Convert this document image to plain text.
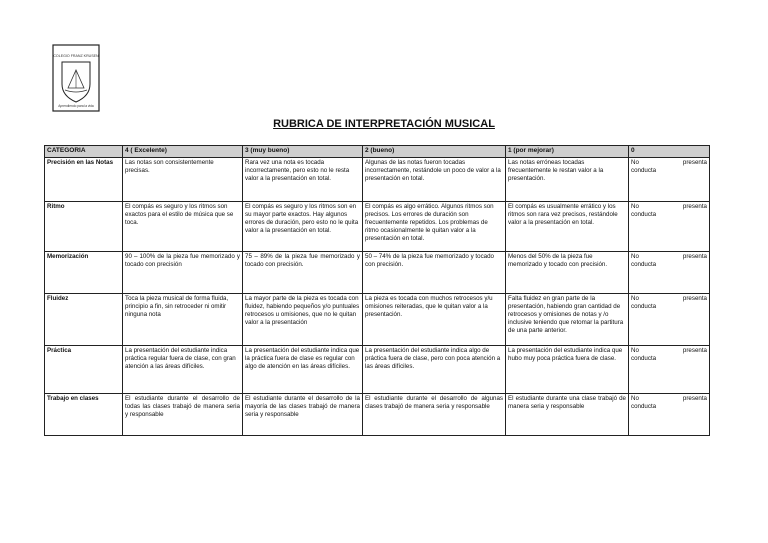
COLEGIO FRANZ KRUSEN
Aprendiendo para la vida
RUBRICA DE INTERPRETACIÓN MUSICAL
CATEGORIA	4 ( Excelente)	3 (muy bueno)	2 (bueno)	1 (por mejorar)	0
Precisión en las Notas	Las notas son consistentemente precisas.	Rara vez una nota es tocada incorrectamente, pero esto no le resta valor a la presentación en total.	Algunas de las notas fueron tocadas incorrectamente, restándole un poco de valor a la presentación en total.	Las notas erróneas tocadas frecuentemente le restan valor a la presentación.	No presenta
conducta

Ritmo	El compás es seguro y los ritmos son exactos para el estilo de música que se toca.	El compás es seguro y los ritmos son en su mayor parte exactos. Hay algunos errores de duración, pero esto no le quita valor a la presentación en total.	El compás es algo errático. Algunos ritmos son precisos. Los errores de duración son frecuentemente repetidos. Los problemas de ritmo ocasionalmente le quitan valor a la presentación en total.	El compás es usualmente errático y los ritmos son rara vez precisos, restándole valor a la presentación en total.	No presenta
conducta

Memorización	90 – 100% de la pieza fue memorizado y tocado con precisión	75 – 89% de la pieza fue memorizado y tocado con precisión.	50 – 74% de la pieza fue memorizado y tocado con precisión.	Menos del 50% de la pieza fue memorizado y tocado con precisión.	No presenta
conducta

Fluidez	Toca la pieza musical de forma fluida, principio a fin, sin retroceder ni omitir ninguna nota	La mayor parte de la pieza es tocada con fluidez, habiendo pequeños y/o puntuales retrocesos u omisiones, que no le quitan valor a la presentación	La pieza es tocada con muchos retrocesos y/u omisiones reiteradas, que le quitan valor a la presentación.	Falta fluidez en gran parte de la presentación, habiendo gran cantidad de retrocesos y omisiones de notas y /o inclusive teniendo que retomar la partitura de una parte anterior.	No presenta
conducta

Práctica	La presentación del estudiante indica práctica regular fuera de clase, con gran atención a las áreas difíciles.	La presentación del estudiante indica que la práctica fuera de clase es regular con algo de atención en las áreas difíciles.	La presentación del estudiante indica algo de práctica fuera de clase, pero con poca atención a las áreas difíciles.	La presentación del estudiante indica que hubo muy poca práctica fuera de clase.	No presenta
conducta

Trabajo en clases	El estudiante durante el desarrollo de todas las clases trabajó de manera seria y responsable	El estudiante durante el desarrollo de la mayoría de las clases trabajó de manera seria y responsable	El estudiante durante el desarrollo de algunas clases trabajó de manera seria y responsable	El estudiante durante una clase trabajó de manera seria y responsable	No presenta
conducta
